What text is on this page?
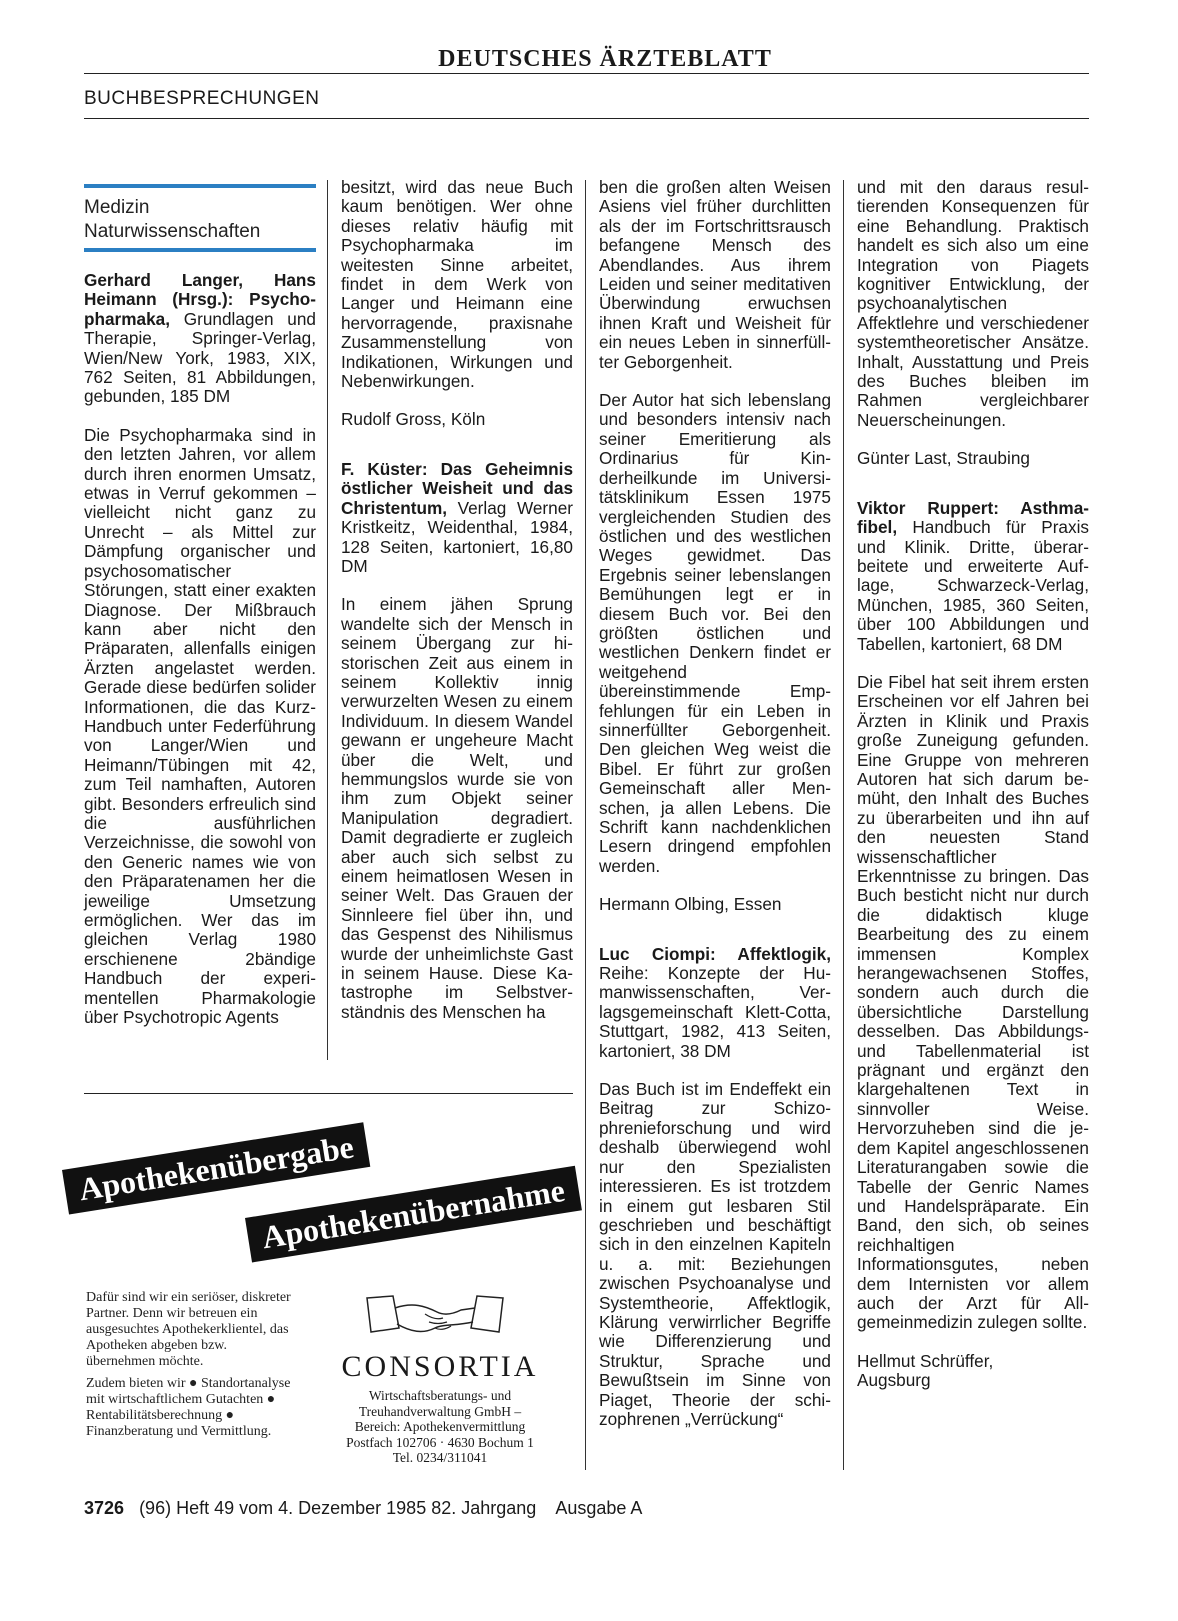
DEUTSCHES ÄRZTEBLATT
BUCHBESPRECHUNGEN
Medizin
Naturwissenschaften

Gerhard Langer, Hans Heimann (Hrsg.): Psychopharmaka, Grundlagen und Therapie, Springer-Verlag, Wien/New York, 1983, XIX, 762 Seiten, 81 Abbildungen, gebunden, 185 DM

Die Psychopharmaka sind in den letzten Jahren, vor allem durch ihren enormen Umsatz, etwas in Verruf gekommen – vielleicht nicht ganz zu Unrecht – als Mittel zur Dämpfung organischer und psychosomatischer Störungen, statt einer exakten Diagnose. Der Mißbrauch kann aber nicht den Präparaten, allenfalls einigen Ärzten angelastet werden. Gerade diese bedürfen solider Informationen, die das Kurz-Handbuch unter Federführung von Langer/Wien und Heimann/Tübingen mit 42, zum Teil namhaften, Autoren gibt. Besonders erfreulich sind die ausführlichen Verzeichnisse, die sowohl von den Generic names wie von den Präparatenamen her die jeweilige Umsetzung ermöglichen. Wer das im gleichen Verlag 1980 erschienene 2bändige Handbuch der experimentellen Pharmakologie über Psychotropic Agents

besitzt, wird das neue Buch kaum benötigen. Wer ohne dieses relativ häufig mit Psychopharmaka im weitesten Sinne arbeitet, findet in dem Werk von Langer und Heimann eine hervorragende, praxisnahe Zusammenstellung von Indikationen, Wirkungen und Nebenwirkungen.

Rudolf Gross, Köln

F. Küster: Das Geheimnis östlicher Weisheit und das Christentum, Verlag Werner Kristkeitz, Weidenthal, 1984, 128 Seiten, kartoniert, 16,80 DM

In einem jähen Sprung wandelte sich der Mensch in seinem Übergang zur historischen Zeit aus einem in seinem Kollektiv innig verwurzelten Wesen zu einem Individuum. In diesem Wandel gewann er ungeheure Macht über die Welt, und hemmungslos wurde sie von ihm zum Objekt seiner Manipulation degradiert. Damit degradierte er zugleich aber auch sich selbst zu einem heimatlosen Wesen in seiner Welt. Das Grauen der Sinnleere fiel über ihn, und das Gespenst des Nihilismus wurde der unheimlichste Gast in seinem Hause. Diese Katastrophe im Selbstverständnis des Menschen ha

ben die großen alten Weisen Asiens viel früher durchlitten als der im Fortschrittsrausch befangene Mensch des Abendlandes. Aus ihrem Leiden und seiner meditativen Überwindung erwuchsen ihnen Kraft und Weisheit für ein neues Leben in sinnerfüllter Geborgenheit.

Der Autor hat sich lebenslang und besonders intensiv nach seiner Emeritierung als Ordinarius für Kinderheilkunde im Universitätsklinikum Essen 1975 vergleichenden Studien des östlichen und des westlichen Weges gewidmet. Das Ergebnis seiner lebenslangen Bemühungen legt er in diesem Buch vor. Bei den größten östlichen und westlichen Denkern findet er weitgehend übereinstimmende Empfehlungen für ein Leben in sinnerfüllter Geborgenheit. Den gleichen Weg weist die Bibel. Er führt zur großen Gemeinschaft aller Menschen, ja allen Lebens. Die Schrift kann nachdenklichen Lesern dringend empfohlen werden.

Hermann Olbing, Essen

Luc Ciompi: Affektlogik, Reihe: Konzepte der Humanwissenschaften, Verlagsgemeinschaft Klett-Cotta, Stuttgart, 1982, 413 Seiten, kartoniert, 38 DM

Das Buch ist im Endeffekt ein Beitrag zur Schizophrenieforschung und wird deshalb überwiegend wohl nur den Spezialisten interessieren. Es ist trotzdem in einem gut lesbaren Stil geschrieben und beschäftigt sich in den einzelnen Kapiteln u. a. mit: Beziehungen zwischen Psychoanalyse und Systemtheorie, Affektlogik, Klärung verwirrlicher Begriffe wie Differenzierung und Struktur, Sprache und Bewußtsein im Sinne von Piaget, Theorie der schizophrenen „Verrückung“

und mit den daraus resultierenden Konsequenzen für eine Behandlung. Praktisch handelt es sich also um eine Integration von Piagets kognitiver Entwicklung, der psychoanalytischen Affektlehre und verschiedener systemtheoretischer Ansätze. Inhalt, Ausstattung und Preis des Buches bleiben im Rahmen vergleichbarer Neuerscheinungen.

Günter Last, Straubing

Viktor Ruppert: Asthmafibel, Handbuch für Praxis und Klinik. Dritte, überarbeitete und erweiterte Auflage, Schwarzeck-Verlag, München, 1985, 360 Seiten, über 100 Abbildungen und Tabellen, kartoniert, 68 DM

Die Fibel hat seit ihrem ersten Erscheinen vor elf Jahren bei Ärzten in Klinik und Praxis große Zuneigung gefunden. Eine Gruppe von mehreren Autoren hat sich darum bemüht, den Inhalt des Buches zu überarbeiten und ihn auf den neuesten Stand wissenschaftlicher Erkenntnisse zu bringen. Das Buch besticht nicht nur durch die didaktisch kluge Bearbeitung des zu einem immensen Komplex herangewachsenen Stoffes, sondern auch durch die übersichtliche Darstellung desselben. Das Abbildungs- und Tabellenmaterial ist prägnant und ergänzt den klargehaltenen Text in sinnvoller Weise. Hervorzuheben sind die jedem Kapitel angeschlossenen Literaturangaben sowie die Tabelle der Genric Names und Handelspräparate. Ein Band, den sich, ob seines reichhaltigen Informationsgutes, neben dem Internisten vor allem auch der Arzt für Allgemeinmedizin zulegen sollte.

Hellmut Schrüffer,
Augsburg

Apothekenübergabe
Apothekenübernahme
Dafür sind wir ein seriöser, diskreter Partner. Denn wir betreuen ein ausgesuchtes Apothekerklientel, das Apotheken abgeben bzw. übernehmen möchte.
Zudem bieten wir ● Standortanalyse mit wirtschaftlichem Gutachten ● Rentabilitätsberechnung ● Finanzberatung und Vermittlung.
CONSORTIA
Wirtschaftsberatungs- und
Treuhandverwaltung GmbH –
Bereich: Apothekenvermittlung
Postfach 102706 · 4630 Bochum 1
Tel. 0234/311041
3726 (96) Heft 49 vom 4. Dezember 1985 82. Jahrgang Ausgabe A
